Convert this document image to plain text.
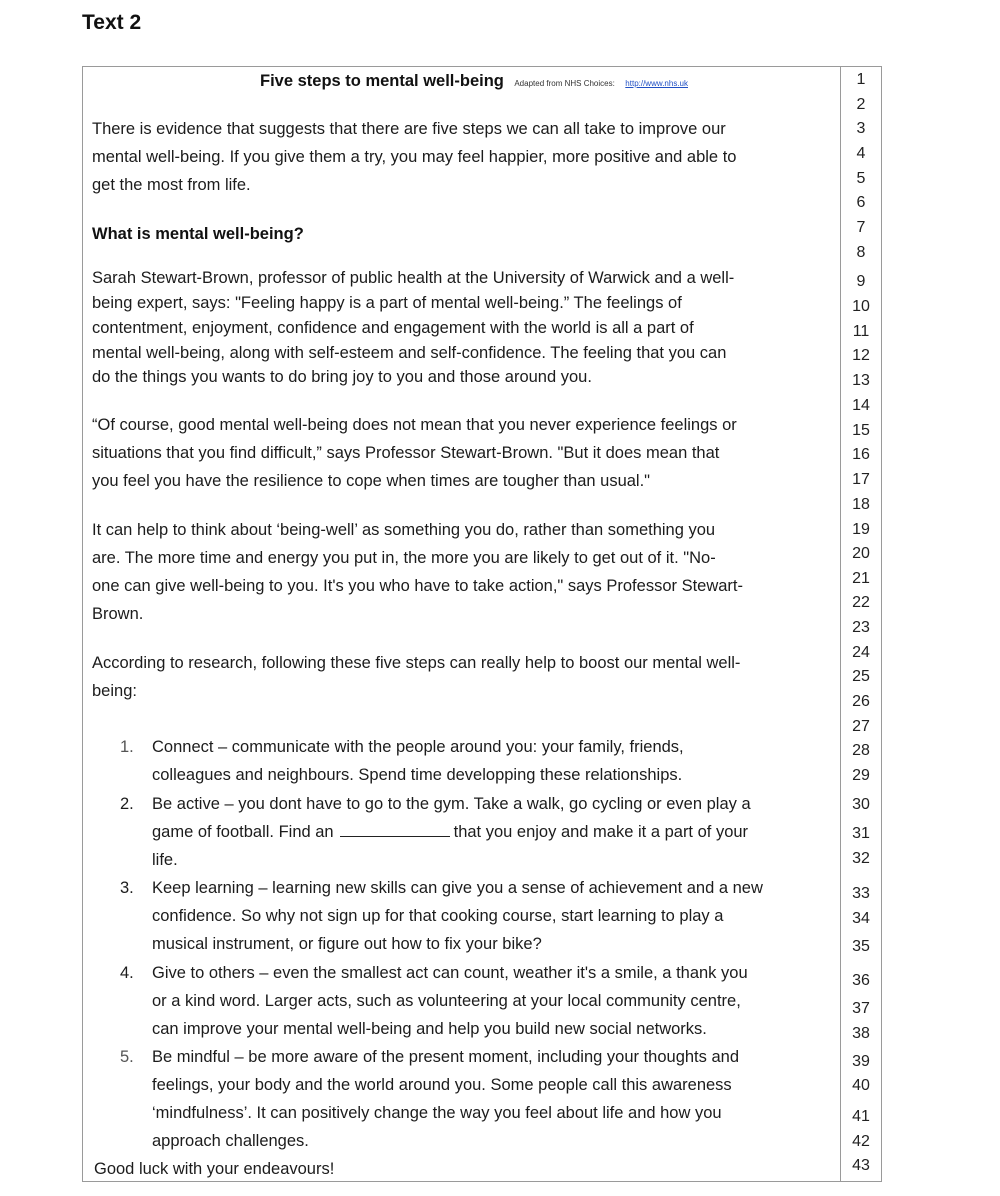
Text 2
Five steps to mental well-being Adapted from NHS Choices: http://www.nhs.uk
There is evidence that suggests that there are five steps we can all take to improve our
mental well-being. If you give them a try, you may feel happier, more positive and able to
get the most from life.
What is mental well-being?
Sarah Stewart-Brown, professor of public health at the University of Warwick and a well-
being expert, says: "Feeling happy is a part of mental well-being.” The feelings of
contentment, enjoyment, confidence and engagement with the world is all a part of
mental well-being, along with self-esteem and self-confidence. The feeling that you can
do the things you wants to do bring joy to you and those around you.
“Of course, good mental well-being does not mean that you never experience feelings or
situations that you find difficult,” says Professor Stewart-Brown. "But it does mean that
you feel you have the resilience to cope when times are tougher than usual."
It can help to think about ‘being-well’ as something you do, rather than something you
are. The more time and energy you put in, the more you are likely to get out of it. "No-
one can give well-being to you. It's you who have to take action," says Professor Stewart-
Brown.
According to research, following these five steps can really help to boost our mental well-
being:
1. Connect – communicate with the people around you: your family, friends,
colleagues and neighbours. Spend time developping these relationships.
2. Be active – you dont have to go to the gym. Take a walk, go cycling or even play a
game of football. Find an	that you enjoy and make it a part of your
life.
3. Keep learning – learning new skills can give you a sense of achievement and a new
confidence. So why not sign up for that cooking course, start learning to play a
musical instrument, or figure out how to fix your bike?
4. Give to others – even the smallest act can count, weather it's a smile, a thank you
or a kind word. Larger acts, such as volunteering at your local community centre,
can improve your mental well-being and help you build new social networks.
5. Be mindful – be more aware of the present moment, including your thoughts and
feelings, your body and the world around you. Some people call this awareness
‘mindfulness’. It can positively change the way you feel about life and how you
approach challenges.
Good luck with your endeavours!
1
2
3
4
5
6
7
8
9
10
11
12
13
14
15
16
17
18
19
20
21
22
23
24
25
26
27
28
29
30
31
32
33
34
35
36
37
38
39
40
41
42
43
